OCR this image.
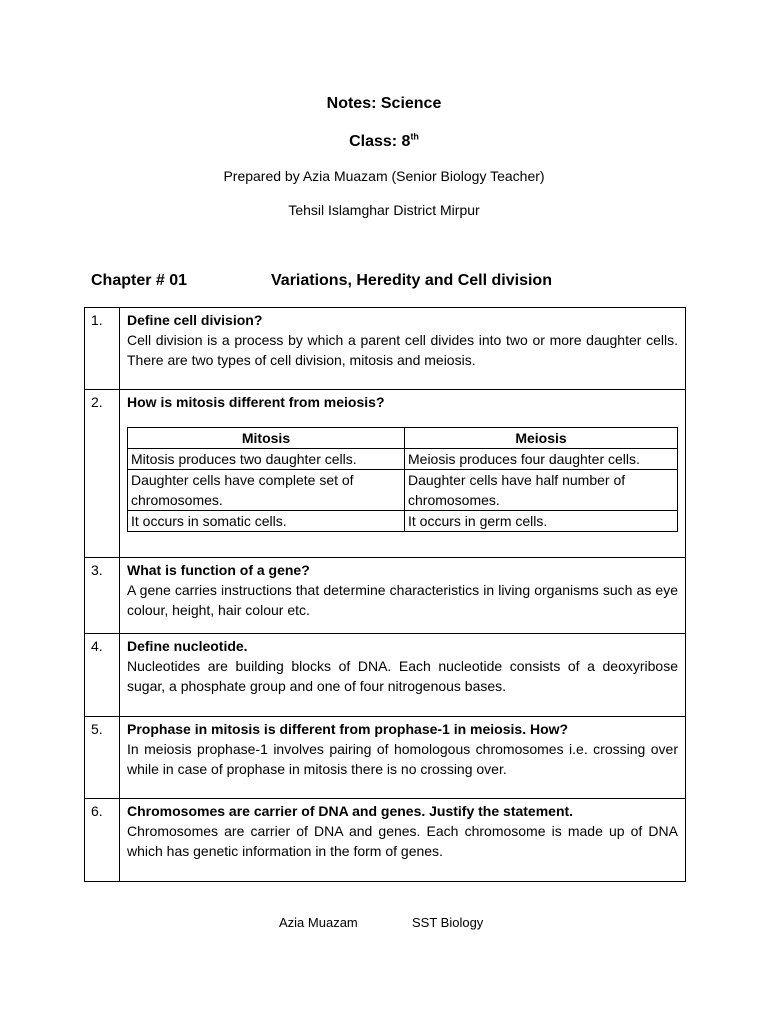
Notes: Science
Class: 8th
Prepared by Azia Muazam (Senior Biology Teacher)
Tehsil Islamghar District Mirpur
Chapter # 01	Variations, Heredity and Cell division
1.	Define cell division?
Cell division is a process by which a parent cell divides into two or more daughter cells. There are two types of cell division, mitosis and meiosis.

2.	How is mitosis different from meiosis?
Mitosis	Meiosis
Mitosis produces two daughter cells.	Meiosis produces four daughter cells.
Daughter cells have complete set of chromosomes.	Daughter cells have half number of chromosomes.
It occurs in somatic cells.	It occurs in germ cells.

3.	What is function of a gene?
A gene carries instructions that determine characteristics in living organisms such as eye colour, height, hair colour etc.

4.	Define nucleotide.
Nucleotides are building blocks of DNA. Each nucleotide consists of a deoxyribose sugar, a phosphate group and one of four nitrogenous bases.

5.	Prophase in mitosis is different from prophase-1 in meiosis. How?
In meiosis prophase-1 involves pairing of homologous chromosomes i.e. crossing over while in case of prophase in mitosis there is no crossing over.

6.	Chromosomes are carrier of DNA and genes. Justify the statement.
Chromosomes are carrier of DNA and genes. Each chromosome is made up of DNA which has genetic information in the form of genes.
Azia Muazam	SST Biology
